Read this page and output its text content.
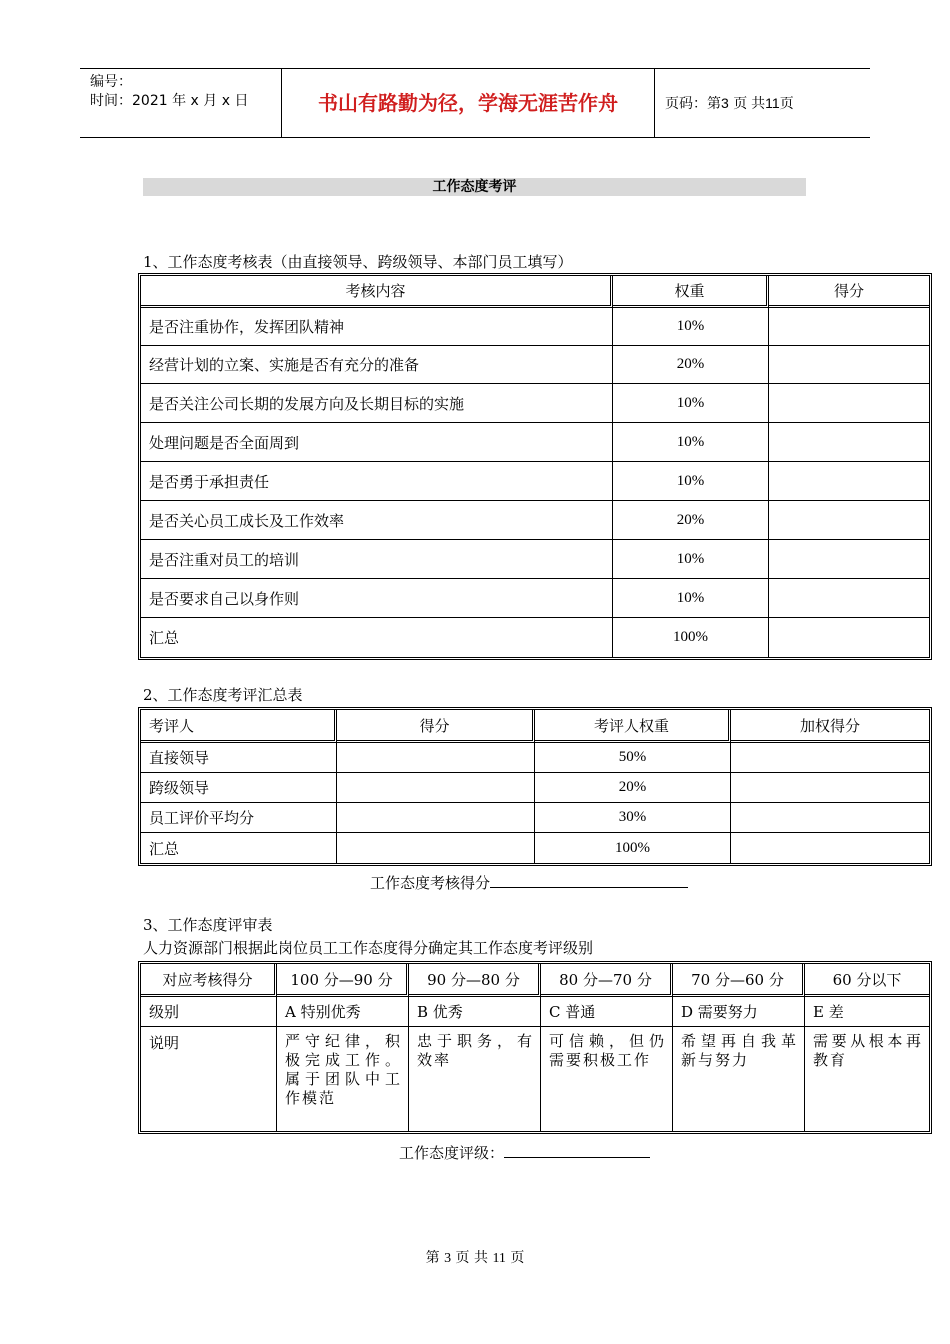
编号：
时间：2021 年 x 月 x 日	书山有路勤为径，学海无涯苦作舟	页码：第3 页 共11页
工作态度考评
1、工作态度考核表（由直接领导、跨级领导、本部门员工填写）
考核内容	权重	得分
是否注重协作，发挥团队精神	10%	
经营计划的立案、实施是否有充分的准备	20%	
是否关注公司长期的发展方向及长期目标的实施	10%	
处理问题是否全面周到	10%	
是否勇于承担责任	10%	
是否关心员工成长及工作效率	20%	
是否注重对员工的培训	10%	
是否要求自己以身作则	10%	
汇总	100%	
2、工作态度考评汇总表
考评人	得分	考评人权重	加权得分
直接领导		50%	
跨级领导		20%	
员工评价平均分		30%	
汇总		100%	
工作态度考核得分
3、工作态度评审表
人力资源部门根据此岗位员工工作态度得分确定其工作态度考评级别
对应考核得分	100 分—90 分	90 分—80 分	80 分—70 分	70 分—60 分	60 分以下
级别	A 特别优秀	B 优秀	C 普通	D 需要努力	E 差
说明	严守纪律，积极完成工作。属于团队中工作模范	忠于职务，有效率	可信赖，但仍需要积极工作	希望再自我革新与努力	需要从根本再教育
工作态度评级：
第 3 页 共 11 页
